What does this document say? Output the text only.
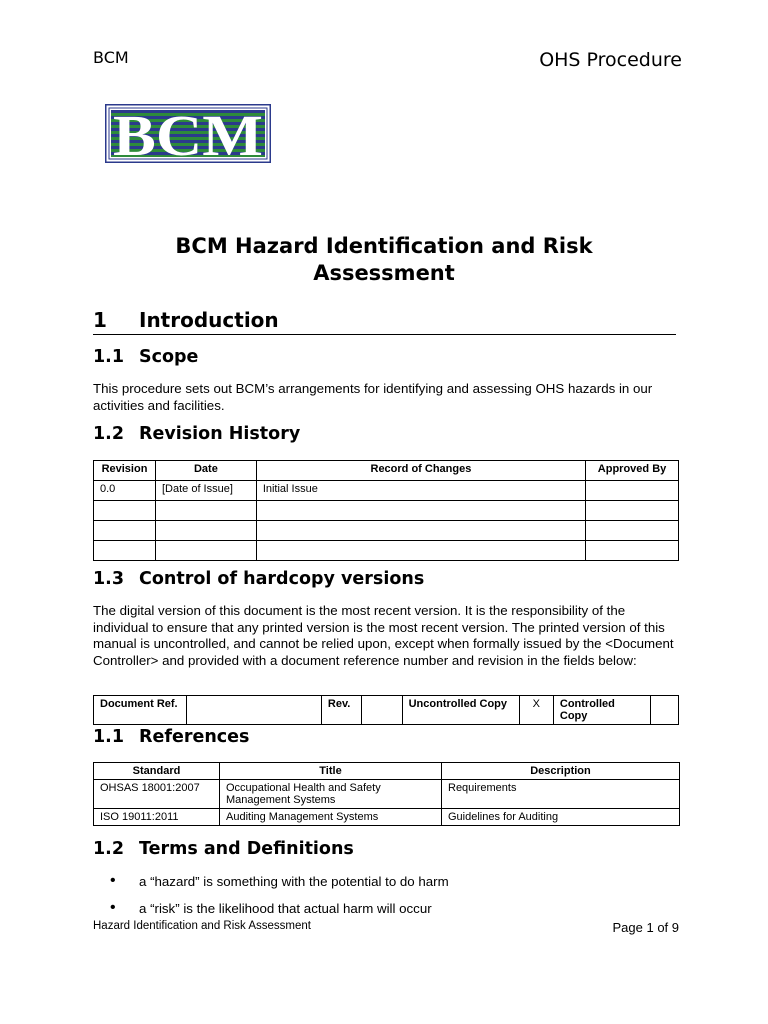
BCM	OHS Procedure
BCM Hazard Identification and Risk
Assessment
1 Introduction
1.1 Scope
This procedure sets out BCM’s arrangements for identifying and assessing OHS hazards in our activities and facilities.
1.2 Revision History
Revision	Date	Record of Changes	Approved By
0.0	[Date of Issue]	Initial Issue	

1.3 Control of hardcopy versions
The digital version of this document is the most recent version. It is the responsibility of the individual to ensure that any printed version is the most recent version. The printed version of this manual is uncontrolled, and cannot be relied upon, except when formally issued by the <Document Controller> and provided with a document reference number and revision in the fields below:
Document Ref.		Rev.		Uncontrolled Copy	X	Controlled Copy	
1.1 References
Standard	Title	Description
OHSAS 18001:2007	Occupational Health and Safety Management Systems	Requirements
ISO 19011:2011	Auditing Management Systems	Guidelines for Auditing
1.2 Terms and Definitions
• a “hazard” is something with the potential to do harm
• a “risk” is the likelihood that actual harm will occur
Hazard Identification and Risk Assessment	Page 1 of 9
